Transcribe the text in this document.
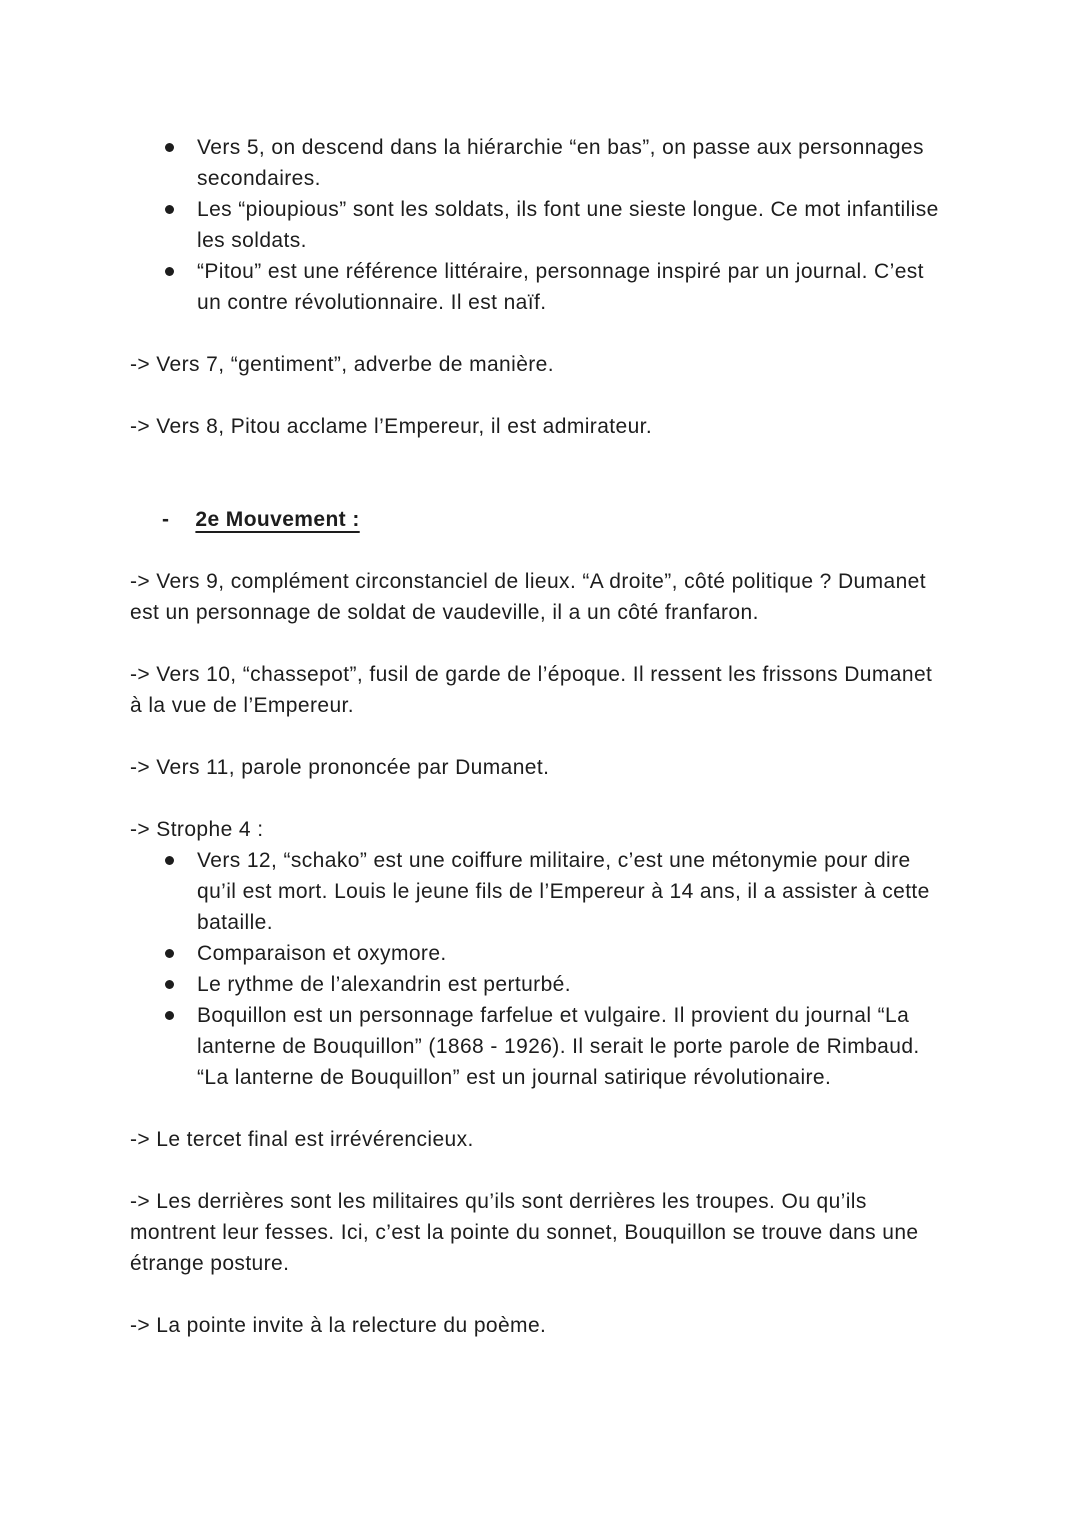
Vers 5, on descend dans la hiérarchie “en bas”, on passe aux personnages secondaires.
Les “pioupious” sont les soldats, ils font une sieste longue. Ce mot infantilise les soldats.
“Pitou” est une référence littéraire, personnage inspiré par un journal. C’est un contre révolutionnaire. Il est naïf.

-> Vers 7, “gentiment”, adverbe de manière.

-> Vers 8, Pitou acclame l’Empereur, il est admirateur.

- 2e Mouvement :

-> Vers 9, complément circonstanciel de lieux. “A droite”, côté politique ? Dumanet est un personnage de soldat de vaudeville, il a un côté franfaron.

-> Vers 10, “chassepot”, fusil de garde de l’époque. Il ressent les frissons Dumanet à la vue de l’Empereur.

-> Vers 11, parole prononcée par Dumanet.

-> Strophe 4 :

Vers 12, “schako” est une coiffure militaire, c’est une métonymie pour dire qu’il est mort. Louis le jeune fils de l’Empereur à 14 ans, il a assister à cette bataille.
Comparaison et oxymore.
Le rythme de l’alexandrin est perturbé.
Boquillon est un personnage farfelue et vulgaire. Il provient du journal “La lanterne de Bouquillon” (1868 - 1926). Il serait le porte parole de Rimbaud. “La lanterne de Bouquillon” est un journal satirique révolutionaire.

-> Le tercet final est irrévérencieux.

-> Les derrières sont les militaires qu’ils sont derrières les troupes. Ou qu’ils montrent leur fesses. Ici, c’est la pointe du sonnet, Bouquillon se trouve dans une étrange posture.

-> La pointe invite à la relecture du poème.
